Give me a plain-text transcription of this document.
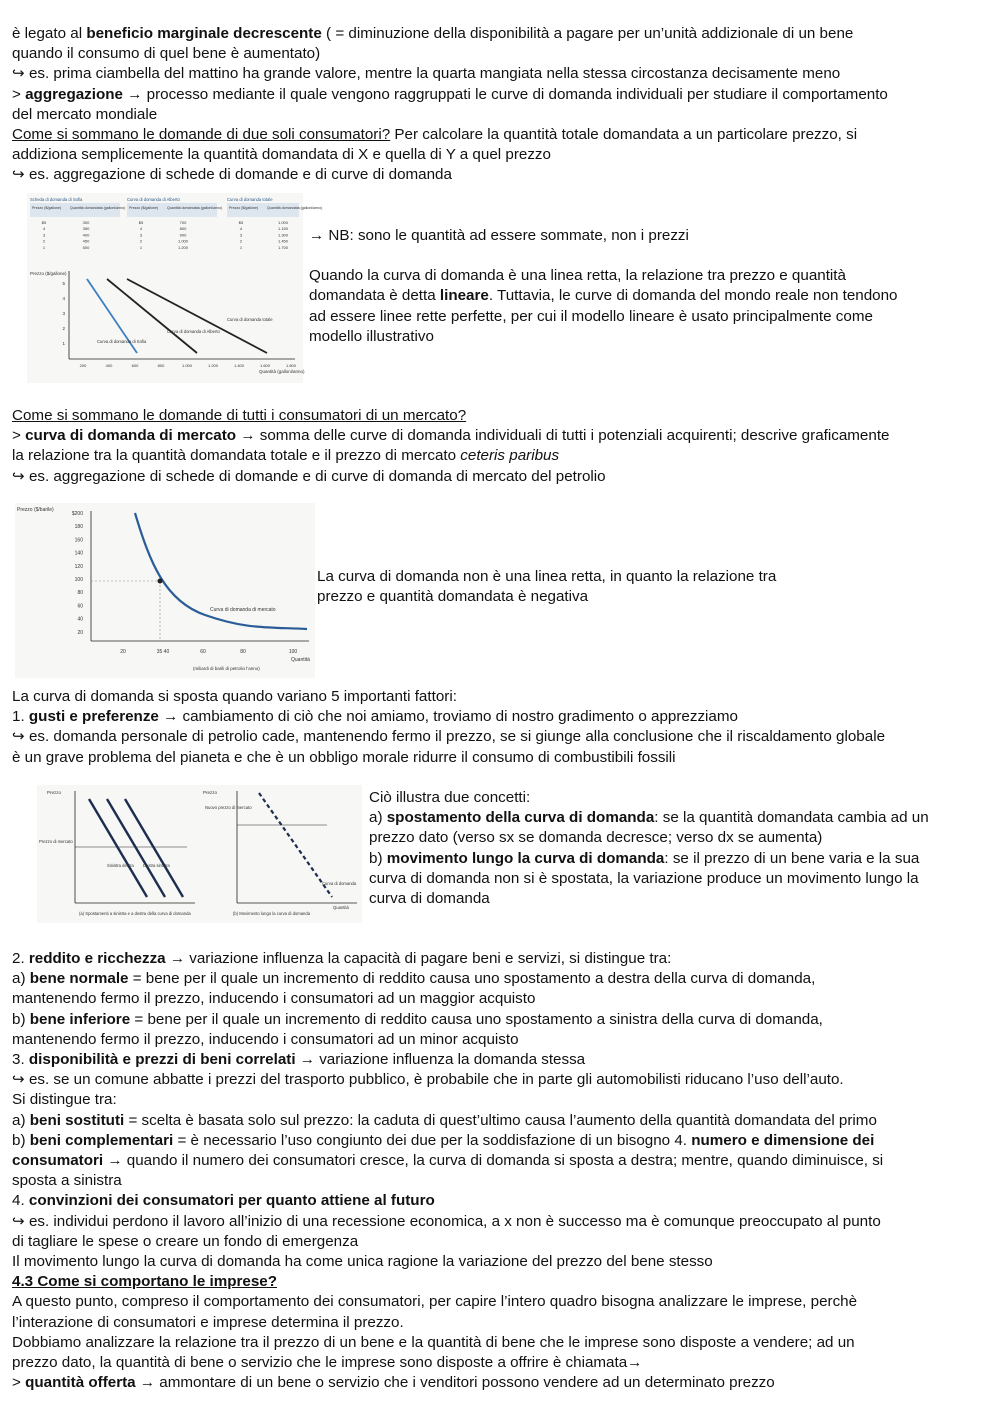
è legato al beneficio marginale decrescente ( = diminuzione della disponibilità a pagare per un’unità addizionale di un bene

quando il consumo di quel bene è aumentato)

↪ es. prima ciambella del mattino ha grande valore, mentre la quarta mangiata nella stessa circostanza decisamente meno

> aggregazione → processo mediante il quale vengono raggruppati le curve di domanda individuali per studiare il comportamento

del mercato mondiale

Come si sommano le domande di due soli consumatori? Per calcolare la quantità totale domandata a un particolare prezzo, si

addiziona semplicemente la quantità domandata di X e quella di Y a quel prezzo

↪ es. aggregazione di schede di domande e di curve di domanda

Scheda di domanda di Sofia	Curva di domanda di Alberto	Curva di domanda totale
Prezzo ($/gallone) Quantità domandata (galloni/anno)
$5	300
4	350
3	400
2	450
1	500
Prezzo ($/gallone) Quantità domandata (galloni/anno)
$5	700
4	800
3	900
2	1.000
1	1.200
Prezzo ($/gallone) Quantità domandata (galloni/anno)
$5	1.000
4	1.150
3	1.300
2	1.450
1	1.700
Prezzo ($/gallone)
Quantità (galloni/anno)
5
4
3
2
1
200	400	600	800	1.000	1.200	1.400	1.600	1.800
Curva di domanda totale
Curva di domanda di Alberto
Curva di domanda di Sofia

→ NB: sono le quantità ad essere sommate, non i prezzi

Quando la curva di domanda è una linea retta, la relazione tra prezzo e quantità

domandata è detta lineare. Tuttavia, le curve di domanda del mondo reale non tendono

ad essere linee rette perfette, per cui il modello lineare è usato principalmente come

modello illustrativo

Come si sommano le domande di tutti i consumatori di un mercato?

> curva di domanda di mercato → somma delle curve di domanda individuali di tutti i potenziali acquirenti; descrive graficamente

la relazione tra la quantità domandata totale e il prezzo di mercato ceteris paribus

↪ es. aggregazione di schede di domande e di curve di domanda di mercato del petrolio

Prezzo ($/barile)
$200
180
160
140
120
100
80
60
40
20
20	35 40	60	80	100
Curva di domanda di mercato
Quantità
(miliardi di barili di petrolio l’anno)

La curva di domanda non è una linea retta, in quanto la relazione tra

prezzo e quantità domandata è negativa

La curva di domanda si sposta quando variano 5 importanti fattori:

1. gusti e preferenze → cambiamento di ciò che noi amiamo, troviamo di nostro gradimento o apprezziamo

↪ es. domanda personale di petrolio cade, mantenendo fermo il prezzo, se si giunge alla conclusione che il riscaldamento globale

è un grave problema del pianeta e che è un obbligo morale ridurre il consumo di combustibili fossili

Prezzo
Prezzo di mercato
Sinistra destra Destra sinistra
(a) Spostamenti a sinistra e a destra della curva di domanda
Prezzo
Nuovo prezzo di mercato
Curva di domanda
Quantità
(b) Movimento lungo la curva di domanda

Ciò illustra due concetti:

a) spostamento della curva di domanda: se la quantità domandata cambia ad un

prezzo dato (verso sx se domanda decresce; verso dx se aumenta)

b) movimento lungo la curva di domanda: se il prezzo di un bene varia e la sua

curva di domanda non si è spostata, la variazione produce un movimento lungo la

curva di domanda

2. reddito e ricchezza → variazione influenza la capacità di pagare beni e servizi, si distingue tra:

a) bene normale = bene per il quale un incremento di reddito causa uno spostamento a destra della curva di domanda,

mantenendo fermo il prezzo, inducendo i consumatori ad un maggior acquisto

b) bene inferiore = bene per il quale un incremento di reddito causa uno spostamento a sinistra della curva di domanda,

mantenendo fermo il prezzo, inducendo i consumatori ad un minor acquisto

3. disponibilità e prezzi di beni correlati → variazione influenza la domanda stessa

↪ es. se un comune abbatte i prezzi del trasporto pubblico, è probabile che in parte gli automobilisti riducano l’uso dell’auto.

Si distingue tra:

a) beni sostituti = scelta è basata solo sul prezzo: la caduta di quest’ultimo causa l’aumento della quantità domandata del primo

b) beni complementari = è necessario l’uso congiunto dei due per la soddisfazione di un bisogno 4. numero e dimensione dei

consumatori → quando il numero dei consumatori cresce, la curva di domanda si sposta a destra; mentre, quando diminuisce, si

sposta a sinistra

4. convinzioni dei consumatori per quanto attiene al futuro

↪ es. individui perdono il lavoro all’inizio di una recessione economica, a x non è successo ma è comunque preoccupato al punto

di tagliare le spese o creare un fondo di emergenza

Il movimento lungo la curva di domanda ha come unica ragione la variazione del prezzo del bene stesso

4.3 Come si comportano le imprese?

A questo punto, compreso il comportamento dei consumatori, per capire l’intero quadro bisogna analizzare le imprese, perchè

l’interazione di consumatori e imprese determina il prezzo.

Dobbiamo analizzare la relazione tra il prezzo di un bene e la quantità di bene che le imprese sono disposte a vendere; ad un

prezzo dato, la quantità di bene o servizio che le imprese sono disposte a offrire è chiamata→

> quantità offerta → ammontare di un bene o servizio che i venditori possono vendere ad un determinato prezzo
